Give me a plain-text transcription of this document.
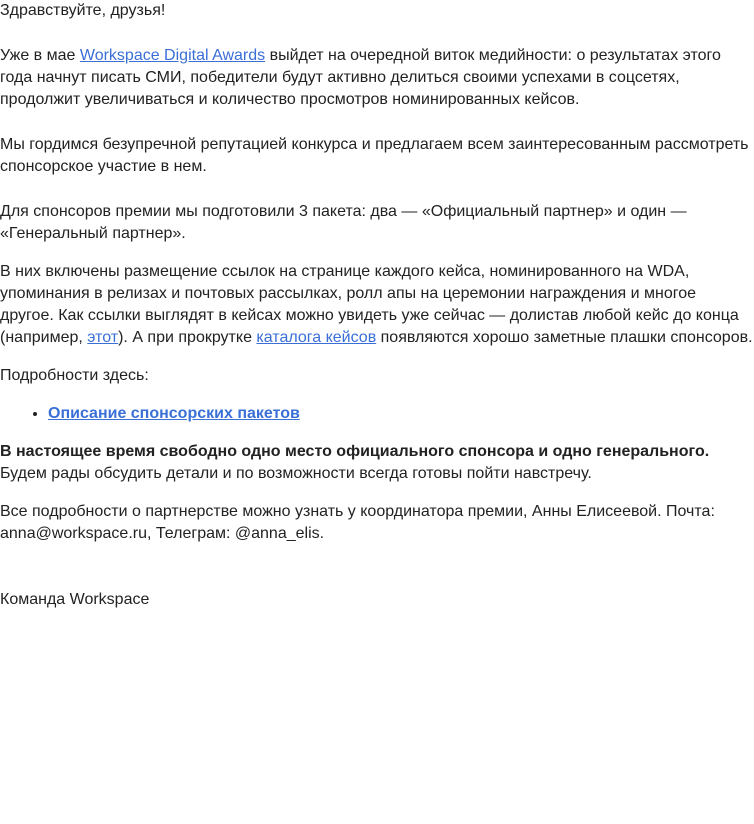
Здравствуйте, друзья!

Уже в мае Workspace Digital Awards выйдет на очередной виток медийности: о результатах этого года начнут писать СМИ, победители будут активно делиться своими успехами в соцсетях, продолжит увеличиваться и количество просмотров номинированных кейсов.

Мы гордимся безупречной репутацией конкурса и предлагаем всем заинтересованным рассмотреть спонсорское участие в нем.

Для спонсоров премии мы подготовили 3 пакета: два — «Официальный партнер» и один — «Генеральный партнер».

В них включены размещение ссылок на странице каждого кейса, номинированного на WDA, упоминания в релизах и почтовых рассылках, ролл апы на церемонии награждения и многое другое. Как ссылки выглядят в кейсах можно увидеть уже сейчас — долистав любой кейс до конца (например, этот). А при прокрутке каталога кейсов появляются хорошо заметные плашки спонсоров.

Подробности здесь:

• Описание спонсорских пакетов

В настоящее время свободно одно место официального спонсора и одно генерального.
Будем рады обсудить детали и по возможности всегда готовы пойти навстречу.

Все подробности о партнерстве можно узнать у координатора премии, Анны Елисеевой. Почта: anna@workspace.ru, Телеграм: @anna_elis.

Команда Workspace
